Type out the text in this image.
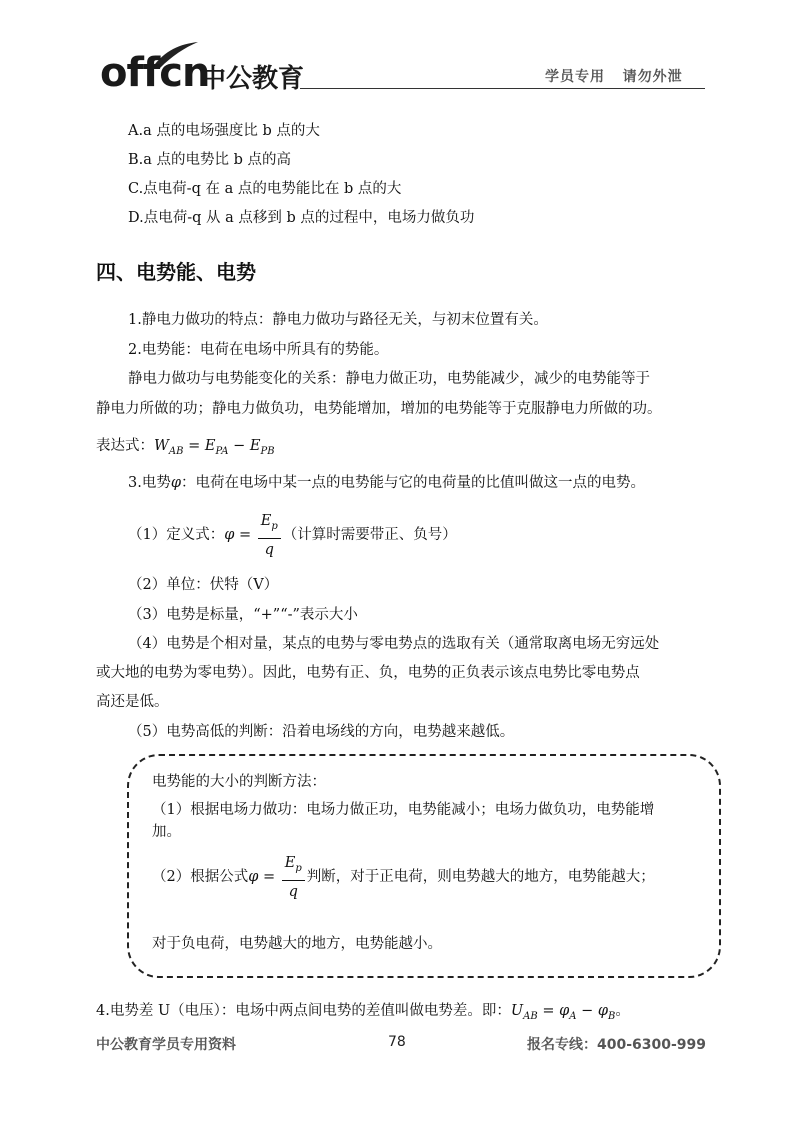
offcn
中公教育	学员专用   请勿外泄
A.a 点的电场强度比 b 点的大
B.a 点的电势比 b 点的高
C.点电荷-q 在 a 点的电势能比在 b 点的大
D.点电荷-q 从 a 点移到 b 点的过程中，电场力做负功
四、电势能、电势
1.静电力做功的特点：静电力做功与路径无关，与初末位置有关。
2.电势能：电荷在电场中所具有的势能。
静电力做功与电势能变化的关系：静电力做正功，电势能减少，减少的电势能等于
静电力所做的功；静电力做负功，电势能增加，增加的电势能等于克服静电力所做的功。
表达式：$W_{AB} = E_{PA} - E_{PB}$
3.电势φ：电荷在电场中某一点的电势能与它的电荷量的比值叫做这一点的电势。
（1）定义式： $\varphi = \frac{E_p}{q}$ （计算时需要带正、负号）
（2）单位：伏特（V）
（3）电势是标量，“+”“-”表示大小
（4）电势是个相对量，某点的电势与零电势点的选取有关（通常取离电场无穷远处
或大地的电势为零电势）。因此，电势有正、负，电势的正负表示该点电势比零电势点
高还是低。
（5）电势高低的判断：沿着电场线的方向，电势越来越低。
电势能的大小的判断方法：
（1）根据电场力做功：电场力做正功，电势能减小；电场力做负功，电势能增
加。
（2）根据公式 $\varphi = \frac{E_p}{q}$ 判断，对于正电荷，则电势越大的地方，电势能越大；
对于负电荷，电势越大的地方，电势能越小。
4.电势差 U（电压）：电场中两点间电势的差值叫做电势差。即：$U_{AB} = \varphi_A - \varphi_B$。
中公教育学员专用资料	78	报名专线：400-6300-999
